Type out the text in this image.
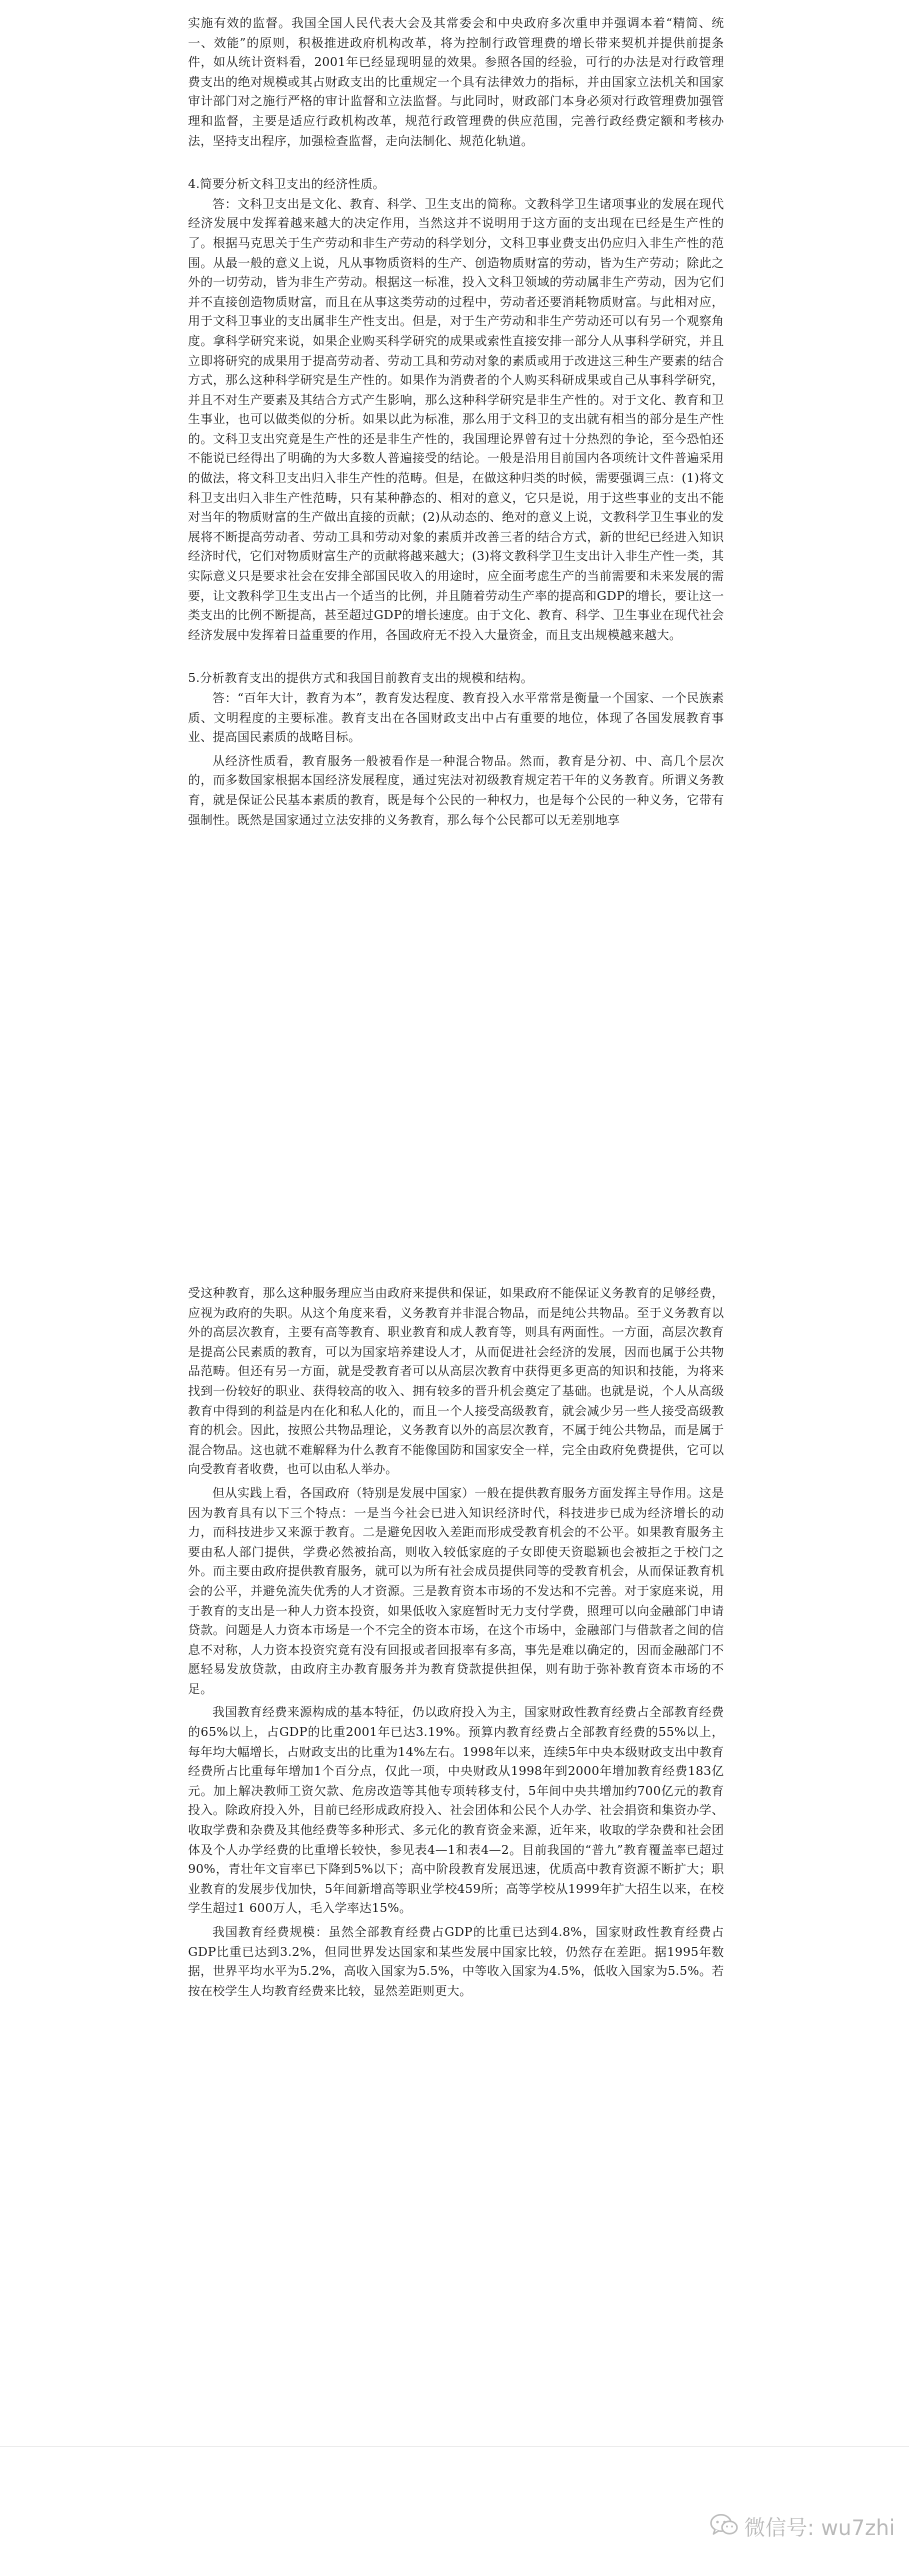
实施有效的监督。我国全国人民代表大会及其常委会和中央政府多次重申并强调本着“精简、统一、效能”的原则，积极推进政府机构改革，将为控制行政管理费的增长带来契机并提供前提条件，如从统计资料看，2001年已经显现明显的效果。参照各国的经验，可行的办法是对行政管理费支出的绝对规模或其占财政支出的比重规定一个具有法律效力的指标，并由国家立法机关和国家审计部门对之施行严格的审计监督和立法监督。与此同时，财政部门本身必须对行政管理费加强管理和监督，主要是适应行政机构改革，规范行政管理费的供应范围，完善行政经费定额和考核办法，坚持支出程序，加强检查监督，走向法制化、规范化轨道。

4.简要分析文科卫支出的经济性质。

答：文科卫支出是文化、教育、科学、卫生支出的简称。文教科学卫生诸项事业的发展在现代经济发展中发挥着越来越大的决定作用，当然这并不说明用于这方面的支出现在已经是生产性的了。根据马克思关于生产劳动和非生产劳动的科学划分，文科卫事业费支出仍应归入非生产性的范围。从最一般的意义上说，凡从事物质资料的生产、创造物质财富的劳动，皆为生产劳动；除此之外的一切劳动，皆为非生产劳动。根据这一标准，投入文科卫领域的劳动属非生产劳动，因为它们并不直接创造物质财富，而且在从事这类劳动的过程中，劳动者还要消耗物质财富。与此相对应，用于文科卫事业的支出属非生产性支出。但是，对于生产劳动和非生产劳动还可以有另一个观察角度。拿科学研究来说，如果企业购买科学研究的成果或索性直接安排一部分人从事科学研究，并且立即将研究的成果用于提高劳动者、劳动工具和劳动对象的素质或用于改进这三种生产要素的结合方式，那么这种科学研究是生产性的。如果作为消费者的个人购买科研成果或自己从事科学研究，并且不对生产要素及其结合方式产生影响，那么这种科学研究是非生产性的。对于文化、教育和卫生事业，也可以做类似的分析。如果以此为标准，那么用于文科卫的支出就有相当的部分是生产性的。文科卫支出究竟是生产性的还是非生产性的，我国理论界曾有过十分热烈的争论，至今恐怕还不能说已经得出了明确的为大多数人普遍接受的结论。一般是沿用目前国内各项统计文件普遍采用的做法，将文科卫支出归入非生产性的范畴。但是，在做这种归类的时候，需要强调三点：(1)将文科卫支出归入非生产性范畴，只有某种静态的、相对的意义，它只是说，用于这些事业的支出不能对当年的物质财富的生产做出直接的贡献；(2)从动态的、绝对的意义上说，文教科学卫生事业的发展将不断提高劳动者、劳动工具和劳动对象的素质并改善三者的结合方式，新的世纪已经进入知识经济时代，它们对物质财富生产的贡献将越来越大；(3)将文教科学卫生支出计入非生产性一类，其实际意义只是要求社会在安排全部国民收入的用途时，应全面考虑生产的当前需要和未来发展的需要，让文教科学卫生支出占一个适当的比例，并且随着劳动生产率的提高和GDP的增长，要让这一类支出的比例不断提高，甚至超过GDP的增长速度。由于文化、教育、科学、卫生事业在现代社会经济发展中发挥着日益重要的作用，各国政府无不投入大量资金，而且支出规模越来越大。

5.分析教育支出的提供方式和我国目前教育支出的规模和结构。

答：“百年大计，教育为本”，教育发达程度、教育投入水平常常是衡量一个国家、一个民族素质、文明程度的主要标准。教育支出在各国财政支出中占有重要的地位，体现了各国发展教育事业、提高国民素质的战略目标。

从经济性质看，教育服务一般被看作是一种混合物品。然而，教育是分初、中、高几个层次的，而多数国家根据本国经济发展程度，通过宪法对初级教育规定若干年的义务教育。所谓义务教育，就是保证公民基本素质的教育，既是每个公民的一种权力，也是每个公民的一种义务，它带有强制性。既然是国家通过立法安排的义务教育，那么每个公民都可以无差别地享

受这种教育，那么这种服务理应当由政府来提供和保证，如果政府不能保证义务教育的足够经费，应视为政府的失职。从这个角度来看，义务教育并非混合物品，而是纯公共物品。至于义务教育以外的高层次教育，主要有高等教育、职业教育和成人教育等，则具有两面性。一方面，高层次教育是提高公民素质的教育，可以为国家培养建设人才，从而促进社会经济的发展，因而也属于公共物品范畴。但还有另一方面，就是受教育者可以从高层次教育中获得更多更高的知识和技能，为将来找到一份较好的职业、获得较高的收入、拥有较多的晋升机会奠定了基础。也就是说，个人从高级教育中得到的利益是内在化和私人化的，而且一个人接受高级教育，就会减少另一些人接受高级教育的机会。因此，按照公共物品理论，义务教育以外的高层次教育，不属于纯公共物品，而是属于混合物品。这也就不难解释为什么教育不能像国防和国家安全一样，完全由政府免费提供，它可以向受教育者收费，也可以由私人举办。

但从实践上看，各国政府（特别是发展中国家）一般在提供教育服务方面发挥主导作用。这是因为教育具有以下三个特点：一是当今社会已进入知识经济时代，科技进步已成为经济增长的动力，而科技进步又来源于教育。二是避免因收入差距而形成受教育机会的不公平。如果教育服务主要由私人部门提供，学费必然被抬高，则收入较低家庭的子女即使天资聪颖也会被拒之于校门之外。而主要由政府提供教育服务，就可以为所有社会成员提供同等的受教育机会，从而保证教育机会的公平，并避免流失优秀的人才资源。三是教育资本市场的不发达和不完善。对于家庭来说，用于教育的支出是一种人力资本投资，如果低收入家庭暂时无力支付学费，照理可以向金融部门申请贷款。问题是人力资本市场是一个不完全的资本市场，在这个市场中，金融部门与借款者之间的信息不对称，人力资本投资究竟有没有回报或者回报率有多高，事先是难以确定的，因而金融部门不愿轻易发放贷款，由政府主办教育服务并为教育贷款提供担保，则有助于弥补教育资本市场的不足。

我国教育经费来源构成的基本特征，仍以政府投入为主，国家财政性教育经费占全部教育经费的65%以上，占GDP的比重2001年已达3.19%。预算内教育经费占全部教育经费的55%以上，每年均大幅增长，占财政支出的比重为14%左右。1998年以来，连续5年中央本级财政支出中教育经费所占比重每年增加1个百分点，仅此一项，中央财政从1998年到2000年增加教育经费183亿元。加上解决教师工资欠款、危房改造等其他专项转移支付，5年间中央共增加约700亿元的教育投入。除政府投入外，目前已经形成政府投入、社会团体和公民个人办学、社会捐资和集资办学、收取学费和杂费及其他经费等多种形式、多元化的教育资金来源，近年来，收取的学杂费和社会团体及个人办学经费的比重增长较快，参见表4—1和表4—2。目前我国的“普九”教育覆盖率已超过90%，青壮年文盲率已下降到5%以下；高中阶段教育发展迅速，优质高中教育资源不断扩大；职业教育的发展步伐加快，5年间新增高等职业学校459所；高等学校从1999年扩大招生以来，在校学生超过1 600万人，毛入学率达15%。

我国教育经费规模：虽然全部教育经费占GDP的比重已达到4.8%，国家财政性教育经费占GDP比重已达到3.2%，但同世界发达国家和某些发展中国家比较，仍然存在差距。据1995年数据，世界平均水平为5.2%，高收入国家为5.5%，中等收入国家为4.5%，低收入国家为5.5%。若按在校学生人均教育经费来比较，显然差距则更大。

微信号: wu7zhi
